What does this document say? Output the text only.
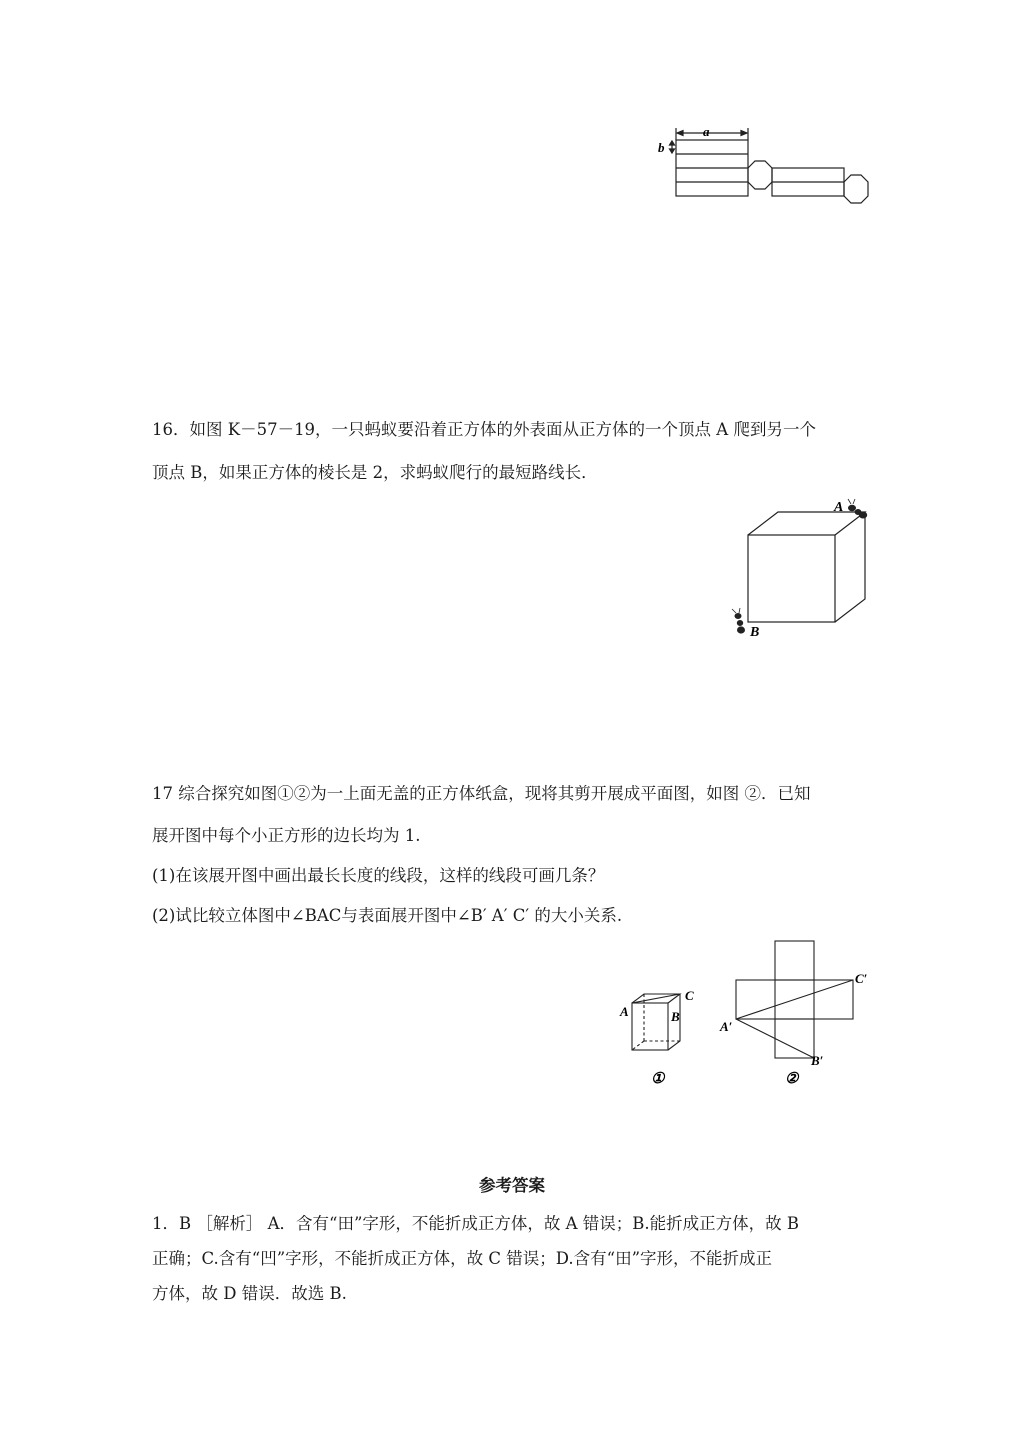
a
b
16．如图 K－57－19，一只蚂蚁要沿着正方体的外表面从正方体的一个顶点 A 爬到另一个
顶点 B，如果正方体的棱长是 2，求蚂蚁爬行的最短路线长．
A
B
17 综合探究如图①②为一上面无盖的正方体纸盒，现将其剪开展成平面图，如图 ②．已知
展开图中每个小正方形的边长均为 1.
(1)在该展开图中画出最长长度的线段，这样的线段可画几条？
(2)试比较立体图中∠BAC与表面展开图中∠B′ A′ C′ 的大小关系.
A	B
C
①
C′
A′
B′
②
参考答案
1．B ［解析］ A．含有“田”字形，不能折成正方体，故 A 错误；B.能折成正方体，故 B
正确；C.含有“凹”字形，不能折成正方体，故 C 错误；D.含有“田”字形，不能折成正
方体，故 D 错误．故选 B.
